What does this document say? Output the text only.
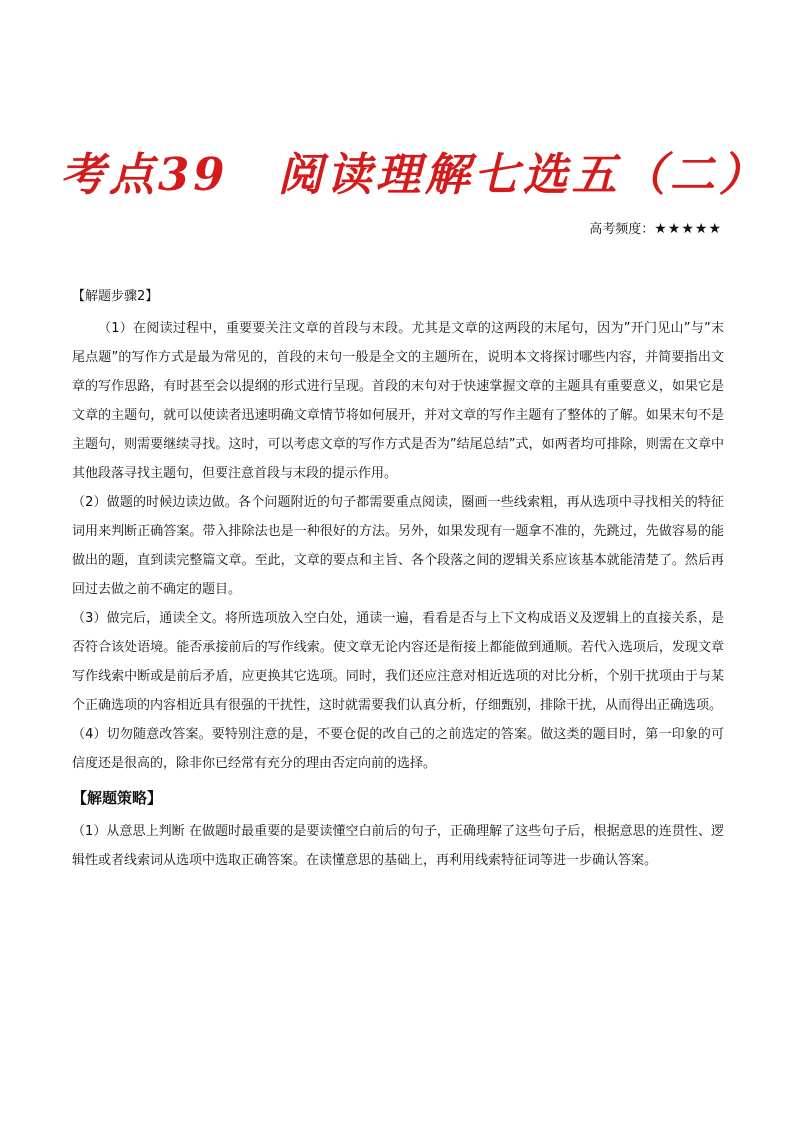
考点39　阅读理解七选五（二）
高考频度：★★★★★
【解题步骤2】

（1）在阅读过程中，重要要关注文章的首段与末段。尤其是文章的这两段的末尾句，因为”开门见山”与”末尾点题”的写作方式是最为常见的，首段的末句一般是全文的主题所在，说明本文将探讨哪些内容，并简要指出文章的写作思路，有时甚至会以提纲的形式进行呈现。首段的末句对于快速掌握文章的主题具有重要意义，如果它是文章的主题句，就可以使读者迅速明确文章情节将如何展开，并对文章的写作主题有了整体的了解。如果末句不是主题句，则需要继续寻找。这时，可以考虑文章的写作方式是否为”结尾总结”式，如两者均可排除，则需在文章中其他段落寻找主题句，但要注意首段与末段的提示作用。

（2）做题的时候边读边做。各个问题附近的句子都需要重点阅读，圈画一些线索粗，再从选项中寻找相关的特征词用来判断正确答案。带入排除法也是一种很好的方法。另外，如果发现有一题拿不准的，先跳过，先做容易的能做出的题，直到读完整篇文章。至此，文章的要点和主旨、各个段落之间的逻辑关系应该基本就能清楚了。然后再回过去做之前不确定的题目。

（3）做完后，通读全文。将所选项放入空白处，通读一遍，看看是否与上下文构成语义及逻辑上的直接关系，是否符合该处语境。能否承接前后的写作线索。使文章无论内容还是衔接上都能做到通顺。若代入选项后，发现文章写作线索中断或是前后矛盾，应更换其它选项。同时，我们还应注意对相近选项的对比分析，个别干扰项由于与某个正确选项的内容相近具有很强的干扰性，这时就需要我们认真分析，仔细甄别，排除干扰，从而得出正确选项。

（4）切勿随意改答案。要特别注意的是，不要仓促的改自己的之前选定的答案。做这类的题目时，第一印象的可信度还是很高的，除非你已经常有充分的理由否定向前的选择。

【解题策略】

（1）从意思上判断 在做题时最重要的是要读懂空白前后的句子，正确理解了这些句子后，根据意思的连贯性、逻辑性或者线索词从选项中选取正确答案。在读懂意思的基础上，再利用线索特征词等进一步确认答案。
